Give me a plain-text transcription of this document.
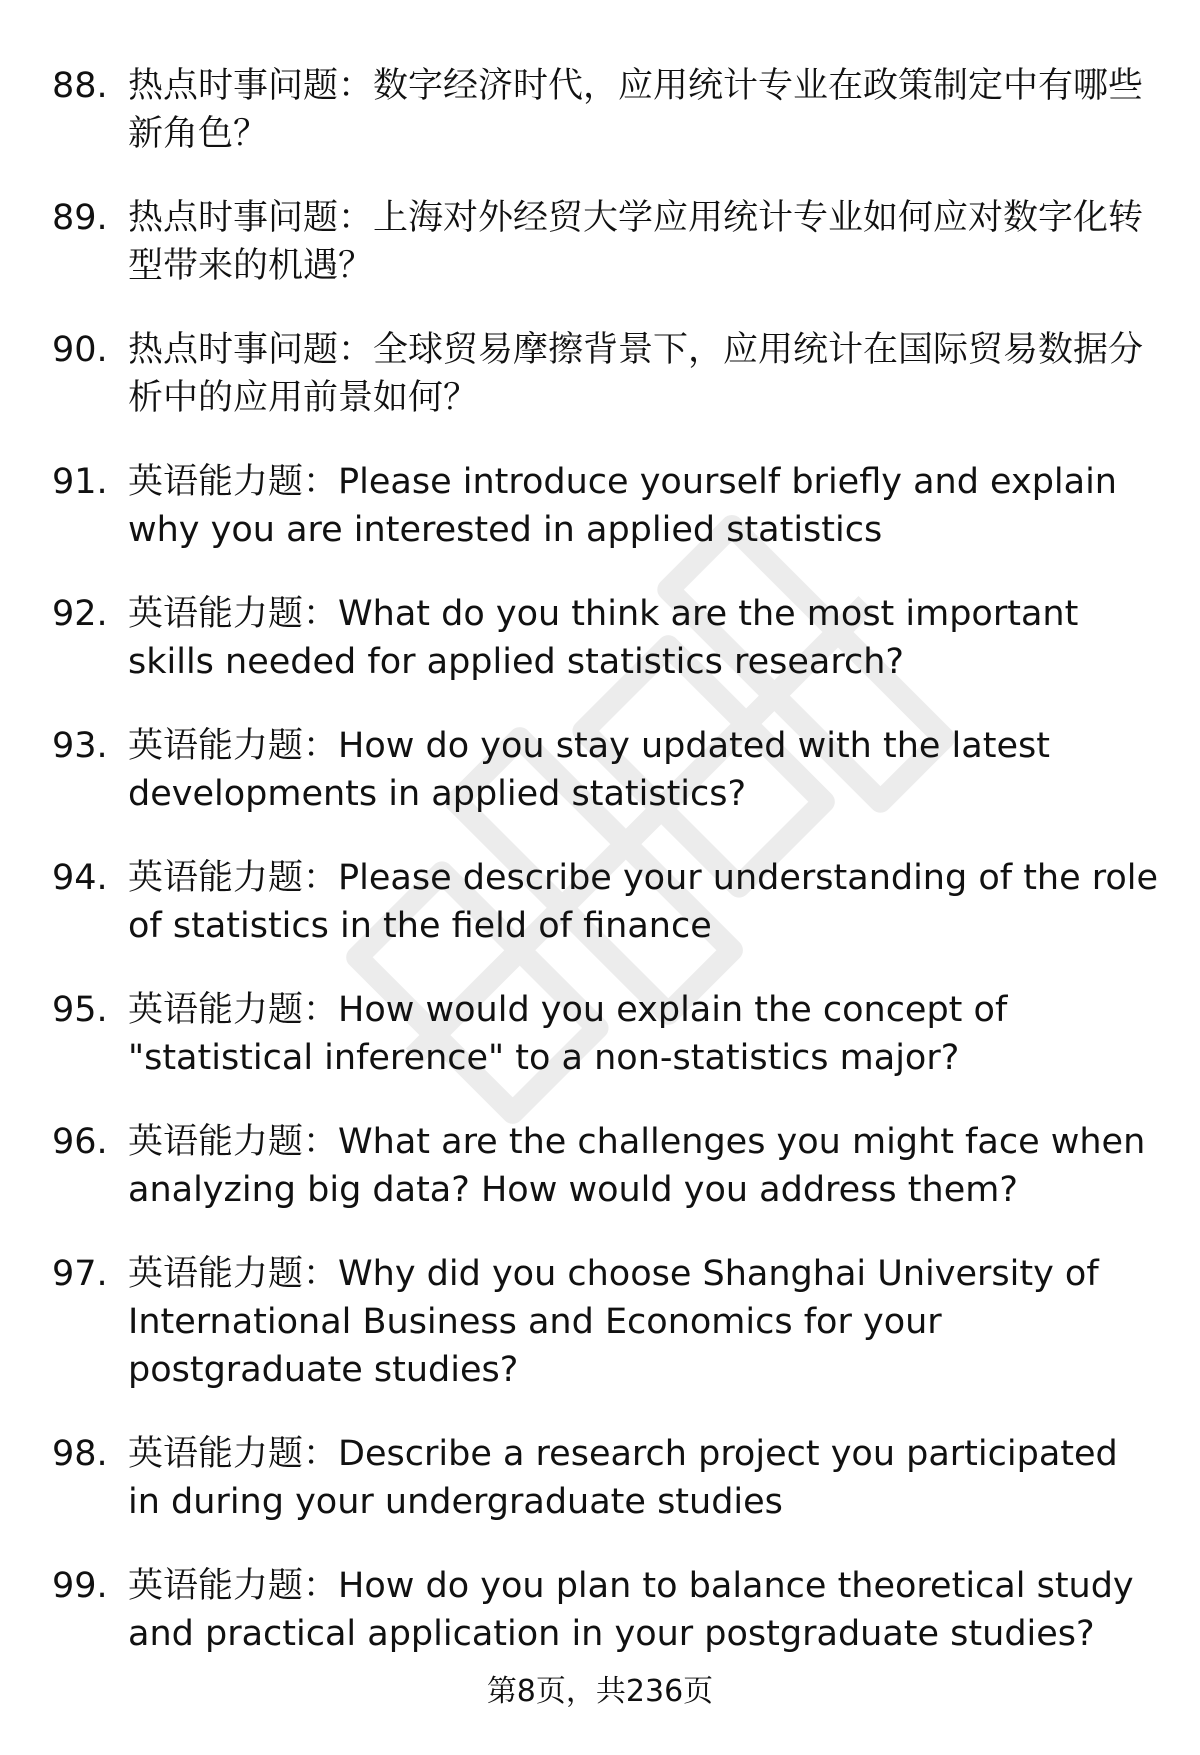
88. 热点时事问题：数字经济时代，应用统计专业在政策制定中有哪些新角色？
89. 热点时事问题：上海对外经贸大学应用统计专业如何应对数字化转型带来的机遇？
90. 热点时事问题：全球贸易摩擦背景下，应用统计在国际贸易数据分析中的应用前景如何？
91. 英语能力题：Please introduce yourself briefly and explain why you are interested in applied statistics
92. 英语能力题：What do you think are the most important skills needed for applied statistics research?
93. 英语能力题：How do you stay updated with the latest developments in applied statistics?
94. 英语能力题：Please describe your understanding of the role of statistics in the field of finance
95. 英语能力题：How would you explain the concept of "statistical inference" to a non-statistics major?
96. 英语能力题：What are the challenges you might face when analyzing big data? How would you address them?
97. 英语能力题：Why did you choose Shanghai University of International Business and Economics for your postgraduate studies?
98. 英语能力题：Describe a research project you participated in during your undergraduate studies
99. 英语能力题：How do you plan to balance theoretical study and practical application in your postgraduate studies?
第8页，共236页
